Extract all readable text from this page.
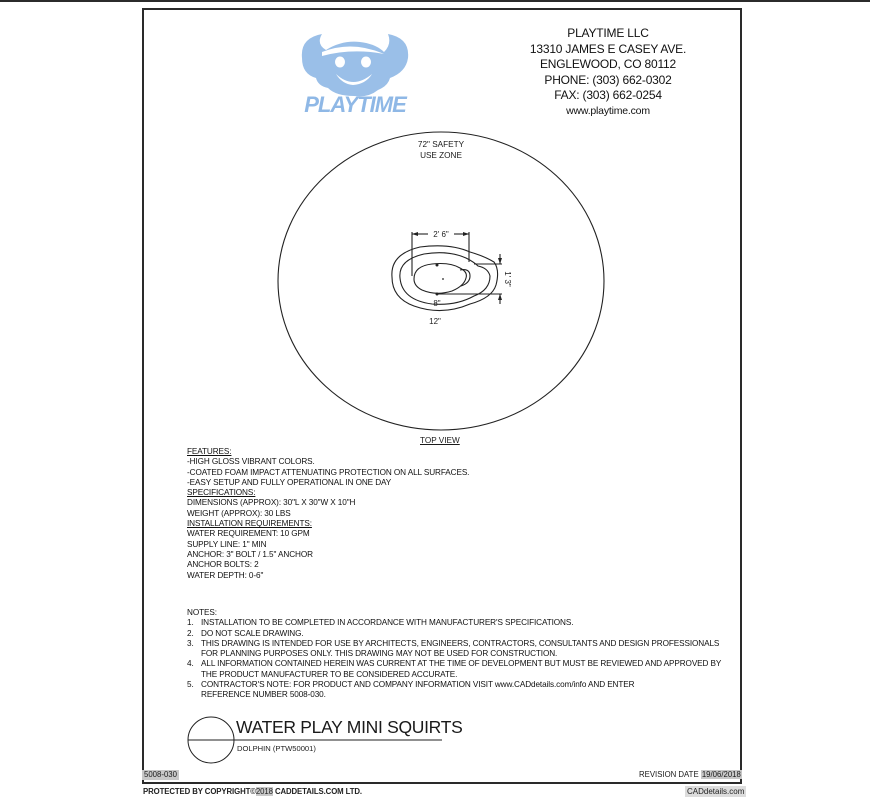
PLAYTIME
PLAYTIME LLC
13310 JAMES E CASEY AVE.
ENGLEWOOD, CO 80112
PHONE: (303) 662-0302
FAX: (303) 662-0254
www.playtime.com
2' 6"
8"
12"
1' 3"
72" SAFETY
USE ZONE
TOP VIEW
FEATURES:
-HIGH GLOSS VIBRANT COLORS.
-COATED FOAM IMPACT ATTENUATING PROTECTION ON ALL SURFACES.
-EASY SETUP AND FULLY OPERATIONAL IN ONE DAY
SPECIFICATIONS:
DIMENSIONS (APPROX): 30"L X 30"W X 10"H
WEIGHT (APPROX): 30 LBS
INSTALLATION REQUIREMENTS:
WATER REQUIREMENT: 10 GPM
SUPPLY LINE: 1" MIN
ANCHOR: 3" BOLT / 1.5" ANCHOR
ANCHOR BOLTS: 2
WATER DEPTH: 0-6"
NOTES:
1. INSTALLATION TO BE COMPLETED IN ACCORDANCE WITH MANUFACTURER'S SPECIFICATIONS.
2. DO NOT SCALE DRAWING.
3. THIS DRAWING IS INTENDED FOR USE BY ARCHITECTS, ENGINEERS, CONTRACTORS, CONSULTANTS AND DESIGN PROFESSIONALS
FOR PLANNING PURPOSES ONLY. THIS DRAWING MAY NOT BE USED FOR CONSTRUCTION.
4. ALL INFORMATION CONTAINED HEREIN WAS CURRENT AT THE TIME OF DEVELOPMENT BUT MUST BE REVIEWED AND APPROVED BY
THE PRODUCT MANUFACTURER TO BE CONSIDERED ACCURATE.
5. CONTRACTOR'S NOTE: FOR PRODUCT AND COMPANY INFORMATION VISIT www.CADdetails.com/info AND ENTER
REFERENCE NUMBER 5008-030.
WATER PLAY MINI SQUIRTS
DOLPHIN (PTW50001)
5008-030	REVISION DATE 19/06/2018
PROTECTED BY COPYRIGHT©2018 CADDETAILS.COM LTD.	CADdetails.com
